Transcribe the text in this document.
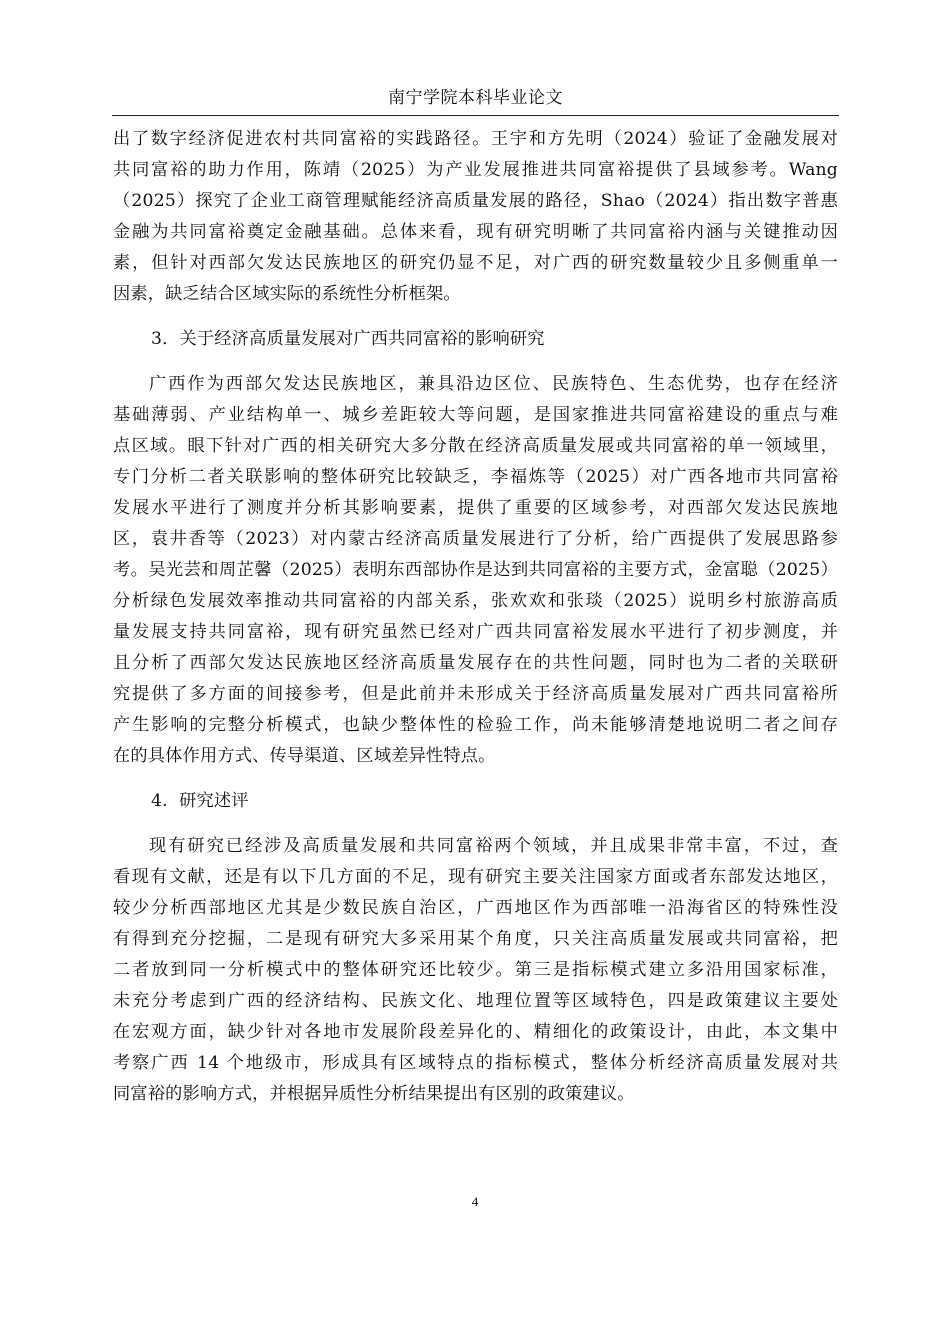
南宁学院本科毕业论文
出了数字经济促进农村共同富裕的实践路径。王宇和方先明（2024）验证了金融发展对
共同富裕的助力作用，陈靖（2025）为产业发展推进共同富裕提供了县域参考。Wang
（2025）探究了企业工商管理赋能经济高质量发展的路径，Shao（2024）指出数字普惠
金融为共同富裕奠定金融基础。总体来看，现有研究明晰了共同富裕内涵与关键推动因
素，但针对西部欠发达民族地区的研究仍显不足，对广西的研究数量较少且多侧重单一
因素，缺乏结合区域实际的系统性分析框架。
3．关于经济高质量发展对广西共同富裕的影响研究
广西作为西部欠发达民族地区，兼具沿边区位、民族特色、生态优势，也存在经济
基础薄弱、产业结构单一、城乡差距较大等问题，是国家推进共同富裕建设的重点与难
点区域。眼下针对广西的相关研究大多分散在经济高质量发展或共同富裕的单一领域里，
专门分析二者关联影响的整体研究比较缺乏，李福炼等（2025）对广西各地市共同富裕
发展水平进行了测度并分析其影响要素，提供了重要的区域参考，对西部欠发达民族地
区，袁井香等（2023）对内蒙古经济高质量发展进行了分析，给广西提供了发展思路参
考。吴光芸和周芷馨（2025）表明东西部协作是达到共同富裕的主要方式，金富聪（2025）
分析绿色发展效率推动共同富裕的内部关系，张欢欢和张琰（2025）说明乡村旅游高质
量发展支持共同富裕，现有研究虽然已经对广西共同富裕发展水平进行了初步测度，并
且分析了西部欠发达民族地区经济高质量发展存在的共性问题，同时也为二者的关联研
究提供了多方面的间接参考，但是此前并未形成关于经济高质量发展对广西共同富裕所
产生影响的完整分析模式，也缺少整体性的检验工作，尚未能够清楚地说明二者之间存
在的具体作用方式、传导渠道、区域差异性特点。
4.  研究述评
现有研究已经涉及高质量发展和共同富裕两个领域，并且成果非常丰富，不过，查
看现有文献，还是有以下几方面的不足，现有研究主要关注国家方面或者东部发达地区，
较少分析西部地区尤其是少数民族自治区，广西地区作为西部唯一沿海省区的特殊性没
有得到充分挖掘，二是现有研究大多采用某个角度，只关注高质量发展或共同富裕，把
二者放到同一分析模式中的整体研究还比较少。第三是指标模式建立多沿用国家标准，
未充分考虑到广西的经济结构、民族文化、地理位置等区域特色，四是政策建议主要处
在宏观方面，缺少针对各地市发展阶段差异化的、精细化的政策设计，由此，本文集中
考察广西 14 个地级市，形成具有区域特点的指标模式，整体分析经济高质量发展对共
同富裕的影响方式，并根据异质性分析结果提出有区别的政策建议。
4
